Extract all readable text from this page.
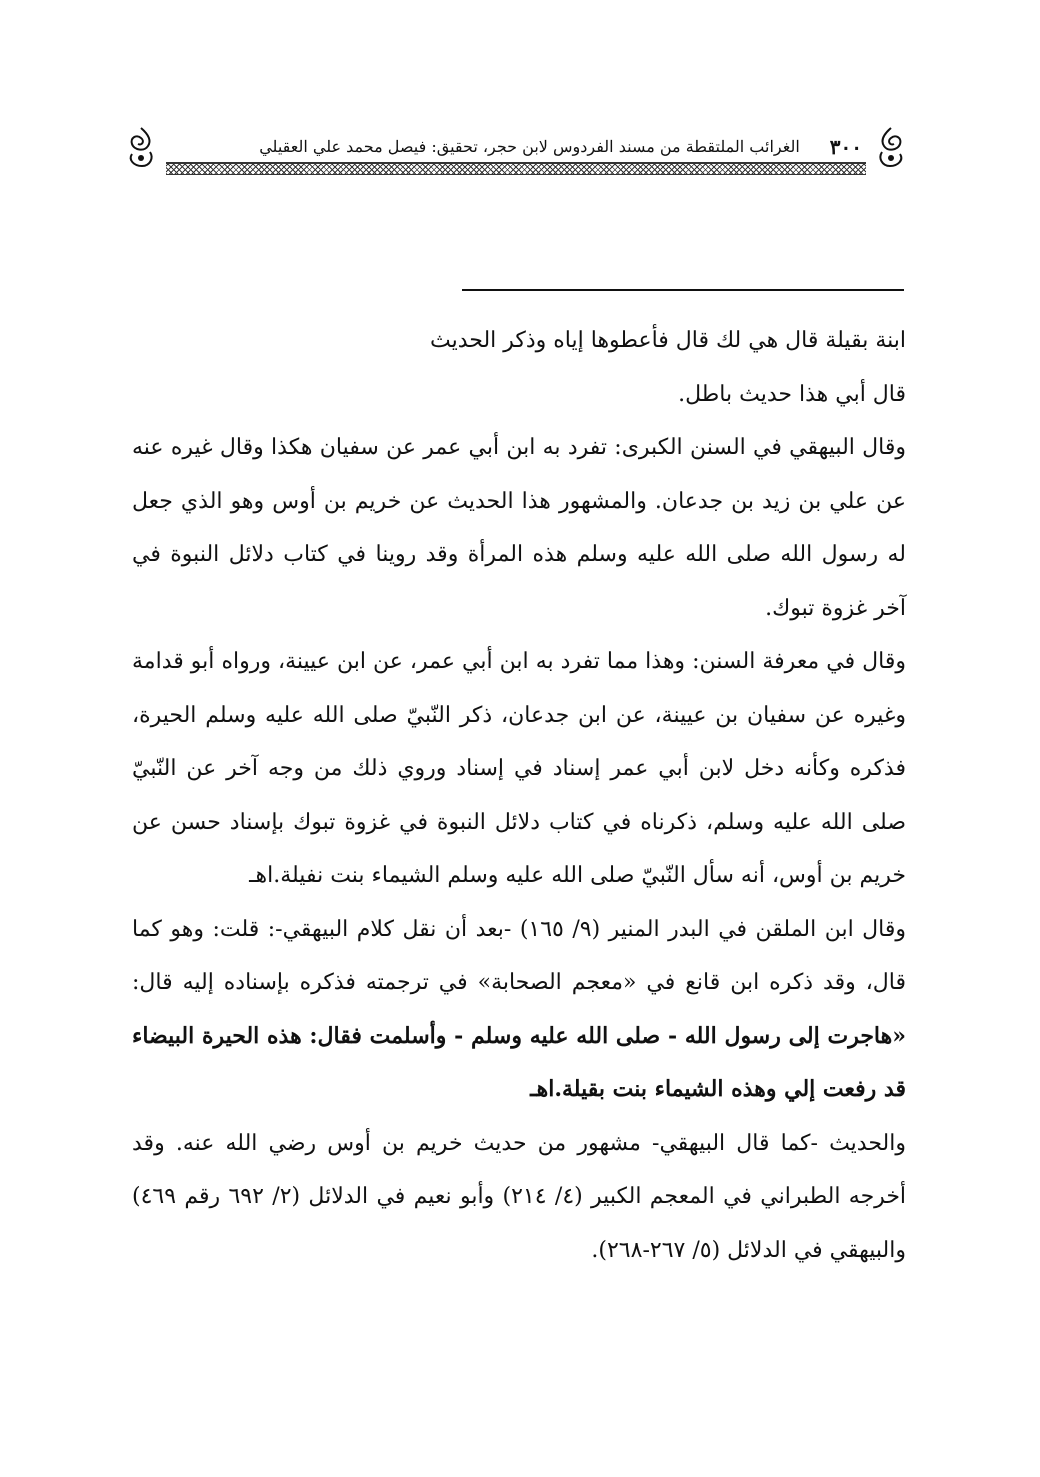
٣٠٠
الغرائب الملتقطة من مسند الفردوس لابن حجر، تحقيق: فيصل محمد علي العقيلي

ابنة بقيلة قال هي لك قال فأعطوها إياه وذكر الحديث

قال أبي هذا حديث باطل.

وقال البيهقي في السنن الكبرى: تفرد به ابن أبي عمر عن سفيان هكذا وقال غيره عنه عن علي بن زيد بن جدعان. والمشهور هذا الحديث عن خريم بن أوس وهو الذي جعل له رسول الله صلى الله عليه وسلم هذه المرأة وقد روينا في كتاب دلائل النبوة في آخر غزوة تبوك.

وقال في معرفة السنن: وهذا مما تفرد به ابن أبي عمر، عن ابن عيينة، ورواه أبو قدامة وغيره عن سفيان بن عيينة، عن ابن جدعان، ذكر النّبيّ صلى الله عليه وسلم الحيرة، فذكره وكأنه دخل لابن أبي عمر إسناد في إسناد وروي ذلك من وجه آخر عن النّبيّ صلى الله عليه وسلم، ذكرناه في كتاب دلائل النبوة في غزوة تبوك بإسناد حسن عن خريم بن أوس، أنه سأل النّبيّ صلى الله عليه وسلم الشيماء بنت نفيلة.اهـ

وقال ابن الملقن في البدر المنير (٩/ ١٦٥) -بعد أن نقل كلام البيهقي-: قلت: وهو كما قال، وقد ذكره ابن قانع في «معجم الصحابة» في ترجمته فذكره بإسناده إليه قال: «هاجرت إلى رسول الله - صلى الله عليه وسلم - وأسلمت فقال: هذه الحيرة البيضاء قد رفعت إلي وهذه الشيماء بنت بقيلة.اهـ

والحديث -كما قال البيهقي- مشهور من حديث خريم بن أوس رضي الله عنه. وقد أخرجه الطبراني في المعجم الكبير (٤/ ٢١٤) وأبو نعيم في الدلائل (٢/ ٦٩٢ رقم ٤٦٩) والبيهقي في الدلائل (٥/ ٢٦٧-٢٦٨).
